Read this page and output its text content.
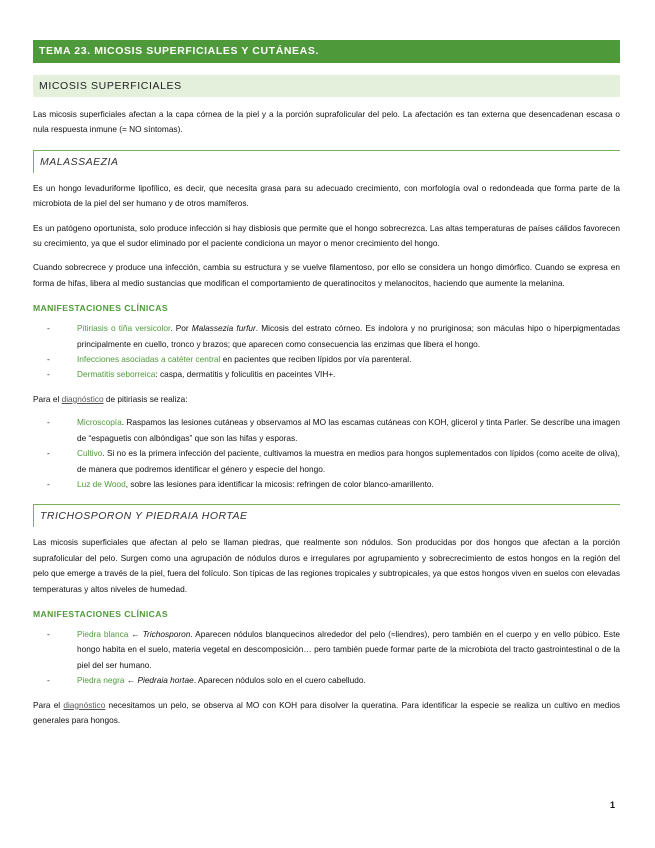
TEMA 23. MICOSIS SUPERFICIALES Y CUTÁNEAS.
MICOSIS SUPERFICIALES

Las micosis superficiales afectan a la capa córnea de la piel y a la porción suprafolicular del pelo. La afectación es tan externa que desencadenan escasa o nula respuesta inmune (= NO síntomas).

MALASSAEZIA

Es un hongo levaduriforme lipofílico, es decir, que necesita grasa para su adecuado crecimiento, con morfología oval o redondeada que forma parte de la microbiota de la piel del ser humano y de otros mamíferos.

Es un patógeno oportunista, solo produce infección si hay disbiosis que permite que el hongo sobrecrezca. Las altas temperaturas de países cálidos favorecen su crecimiento, ya que el sudor eliminado por el paciente condiciona un mayor o menor crecimiento del hongo.

Cuando sobrecrece y produce una infección, cambia su estructura y se vuelve filamentoso, por ello se considera un hongo dimórfico. Cuando se expresa en forma de hifas, libera al medio sustancias que modifican el comportamiento de queratinocitos y melanocitos, haciendo que aumente la melanina.

MANIFESTACIONES CLÍNICAS
- Pitiriasis o tiña versicolor. Por Malassezia furfur. Micosis del estrato córneo. Es indolora y no pruriginosa; son máculas hipo o hiperpigmentadas principalmente en cuello, tronco y brazos; que aparecen como consecuencia las enzimas que libera el hongo.
- Infecciones asociadas a catéter central en pacientes que reciben lípidos por vía parenteral.
- Dermatitis seborreica: caspa, dermatitis y foliculitis en paceintes VIH+.

Para el diagnóstico de pitiriasis se realiza:

- Microscopía. Raspamos las lesiones cutáneas y observamos al MO las escamas cutáneas con KOH, glicerol y tinta Parler. Se describe una imagen de “espaguetis con albóndigas” que son las hifas y esporas.
- Cultivo. Si no es la primera infección del paciente, cultivamos la muestra en medios para hongos suplementados con lípidos (como aceite de oliva), de manera que podremos identificar el género y especie del hongo.
- Luz de Wood, sobre las lesiones para identificar la micosis: refringen de color blanco-amarillento.
TRICHOSPORON Y PIEDRAIA HORTAE

Las micosis superficiales que afectan al pelo se llaman piedras, que realmente son nódulos. Son producidas por dos hongos que afectan a la porción suprafolicular del pelo. Surgen como una agrupación de nódulos duros e irregulares por agrupamiento y sobrecrecimiento de estos hongos en la región del pelo que emerge a través de la piel, fuera del folículo. Son típicas de las regiones tropicales y subtropicales, ya que estos hongos viven en suelos con elevadas temperaturas y altos niveles de humedad.

MANIFESTACIONES CLÍNICAS
- Piedra blanca ← Trichosporon. Aparecen nódulos blanquecinos alrededor del pelo (≈liendres), pero también en el cuerpo y en vello púbico. Este hongo habita en el suelo, materia vegetal en descomposición… pero también puede formar parte de la microbiota del tracto gastrointestinal o de la piel del ser humano.
- Piedra negra ← Piedraia hortae. Aparecen nódulos solo en el cuero cabelludo.

Para el diagnóstico necesitamos un pelo, se observa al MO con KOH para disolver la queratina. Para identificar la especie se realiza un cultivo en medios generales para hongos.

1
